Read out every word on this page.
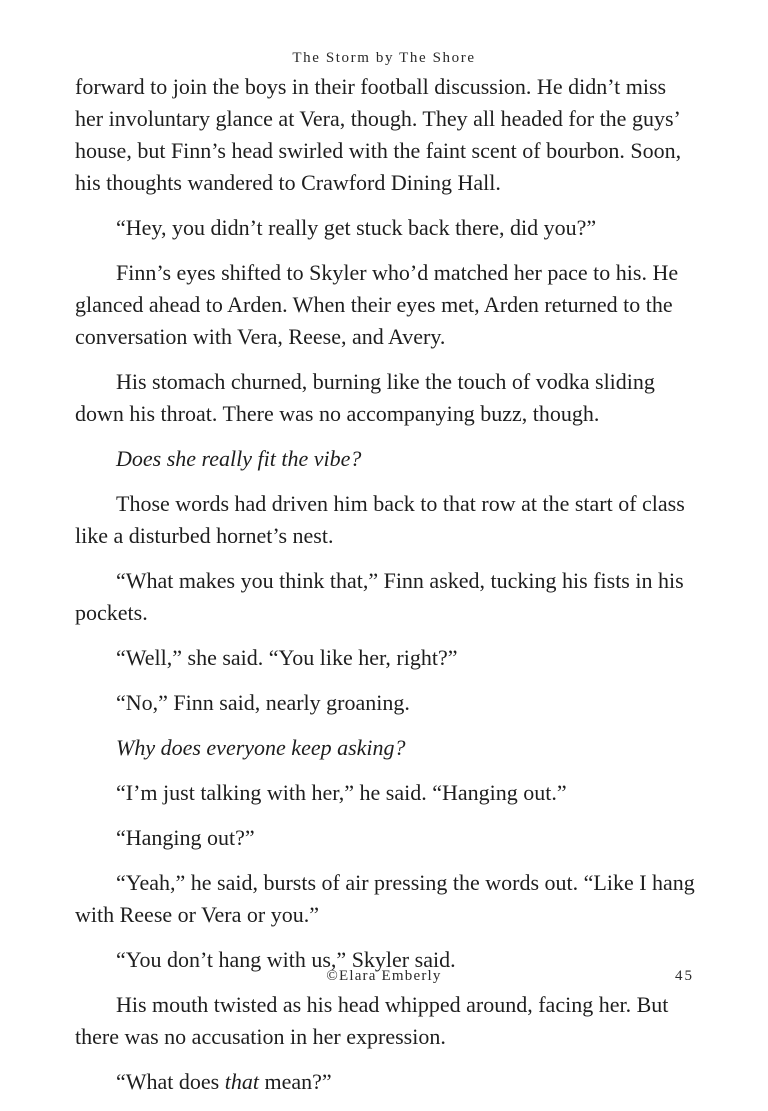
The Storm by The Shore

forward to join the boys in their football discussion. He didn’t miss her involuntary glance at Vera, though. They all headed for the guys’ house, but Finn’s head swirled with the faint scent of bourbon. Soon, his thoughts wandered to Crawford Dining Hall.

“Hey, you didn’t really get stuck back there, did you?”

Finn’s eyes shifted to Skyler who’d matched her pace to his. He glanced ahead to Arden. When their eyes met, Arden returned to the conversation with Vera, Reese, and Avery.

His stomach churned, burning like the touch of vodka sliding down his throat. There was no accompanying buzz, though.

Does she really fit the vibe?

Those words had driven him back to that row at the start of class like a disturbed hornet’s nest.

“What makes you think that,” Finn asked, tucking his fists in his pockets.

“Well,” she said. “You like her, right?”

“No,” Finn said, nearly groaning.

Why does everyone keep asking?

“I’m just talking with her,” he said. “Hanging out.”

“Hanging out?”

“Yeah,” he said, bursts of air pressing the words out. “Like I hang with Reese or Vera or you.”

“You don’t hang with us,” Skyler said.

His mouth twisted as his head whipped around, facing her. But there was no accusation in her expression.

“What does that mean?”

©Elara Emberly	45
